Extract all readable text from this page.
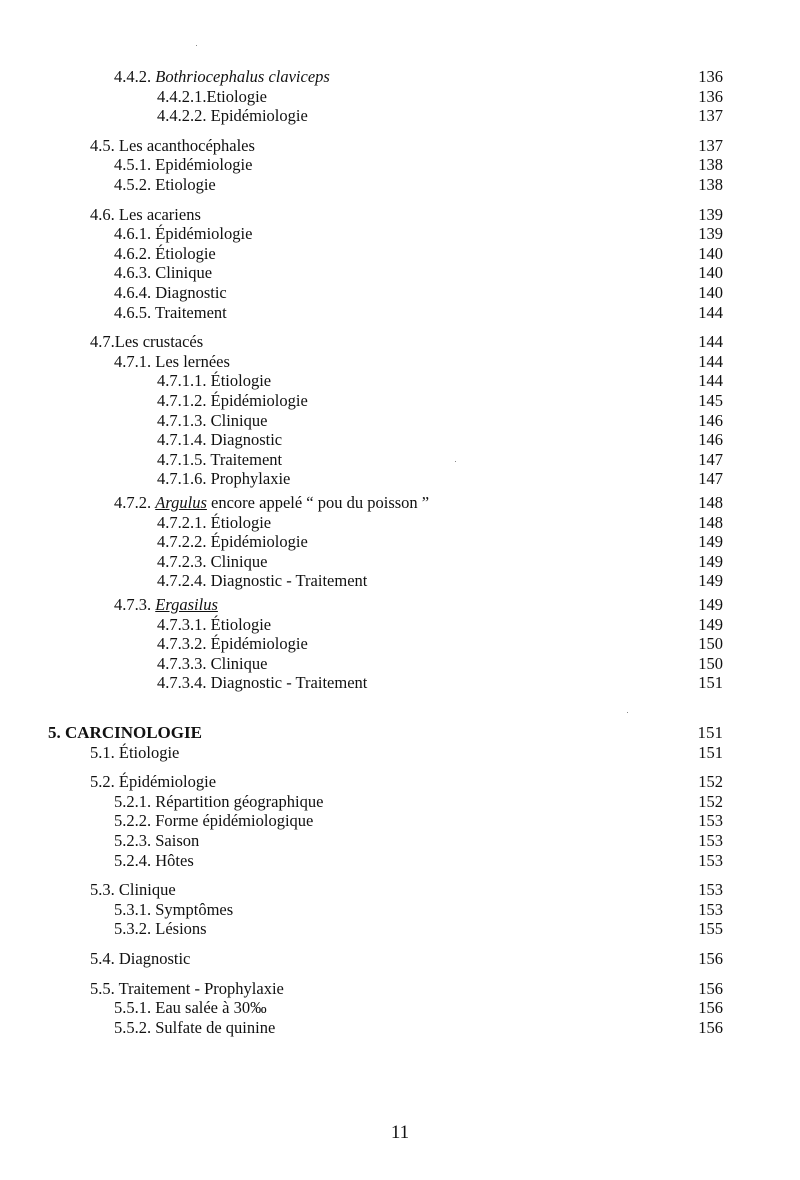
4.4.2. Bothriocephalus claviceps	136
4.4.2.1.Etiologie	136
4.4.2.2. Epidémiologie	137
4.5. Les acanthocéphales	137
4.5.1. Epidémiologie	138
4.5.2. Etiologie	138
4.6. Les acariens	139
4.6.1. Épidémiologie	139
4.6.2. Étiologie	140
4.6.3. Clinique	140
4.6.4. Diagnostic	140
4.6.5. Traitement	144
4.7.Les crustacés	144
4.7.1. Les lernées	144
4.7.1.1. Étiologie	144
4.7.1.2. Épidémiologie	145
4.7.1.3. Clinique	146
4.7.1.4. Diagnostic	146
4.7.1.5. Traitement	147
4.7.1.6. Prophylaxie	147
4.7.2. Argulus encore appelé “ pou du poisson ”	148
4.7.2.1. Étiologie	148
4.7.2.2. Épidémiologie	149
4.7.2.3. Clinique	149
4.7.2.4. Diagnostic - Traitement	149
4.7.3. Ergasilus	149
4.7.3.1. Étiologie	149
4.7.3.2. Épidémiologie	150
4.7.3.3. Clinique	150
4.7.3.4. Diagnostic - Traitement	151
5. CARCINOLOGIE	151
5.1. Étiologie	151
5.2. Épidémiologie	152
5.2.1. Répartition géographique	152
5.2.2. Forme épidémiologique	153
5.2.3. Saison	153
5.2.4. Hôtes	153
5.3. Clinique	153
5.3.1. Symptômes	153
5.3.2. Lésions	155
5.4. Diagnostic	156
5.5. Traitement - Prophylaxie	156
5.5.1. Eau salée à 30‰	156
5.5.2. Sulfate de quinine	156
11
